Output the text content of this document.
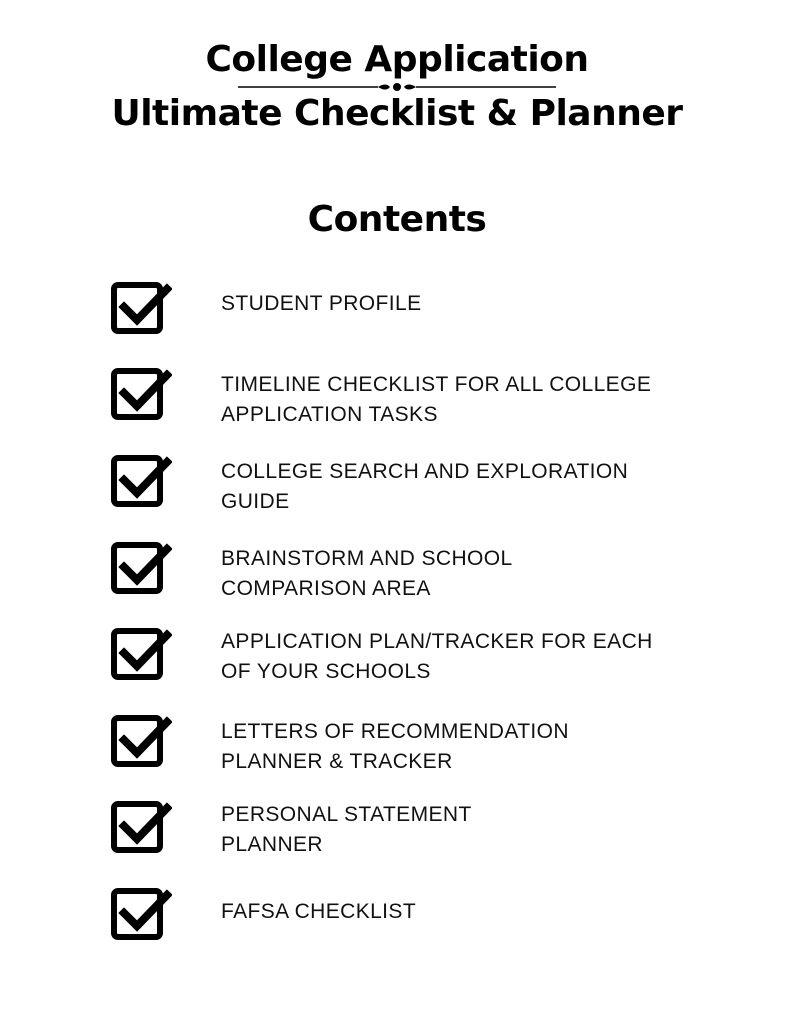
College Application
Ultimate Checklist & Planner
Contents
STUDENT PROFILE
TIMELINE CHECKLIST FOR ALL COLLEGE
APPLICATION TASKS
COLLEGE SEARCH AND EXPLORATION
GUIDE
BRAINSTORM AND SCHOOL
COMPARISON AREA
APPLICATION PLAN/TRACKER FOR EACH
OF YOUR SCHOOLS
LETTERS OF RECOMMENDATION
PLANNER & TRACKER
PERSONAL STATEMENT
PLANNER
FAFSA CHECKLIST
